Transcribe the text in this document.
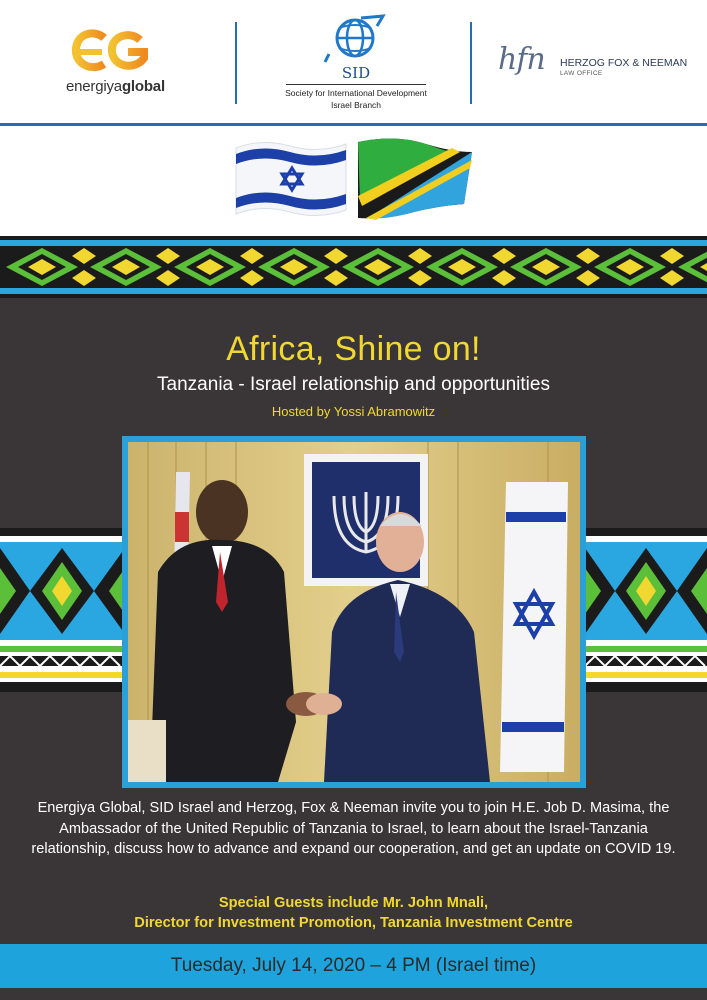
energiyaglobal
SID
Society for International Development
Israel Branch
hfn HERZOG FOX & NEEMAN
LAW OFFICE
Africa, Shine on!
Tanzania - Israel relationship and opportunities
Hosted by Yossi Abramowitz
Energiya Global, SID Israel and Herzog, Fox & Neeman invite you to join H.E. Job D. Masima, the Ambassador of the United Republic of Tanzania to Israel, to learn about the Israel-Tanzania relationship, discuss how to advance and expand our cooperation, and get an update on COVID 19.
Special Guests include Mr. John Mnali,
Director for Investment Promotion, Tanzania Investment Centre
Tuesday, July 14, 2020 – 4 PM (Israel time)
